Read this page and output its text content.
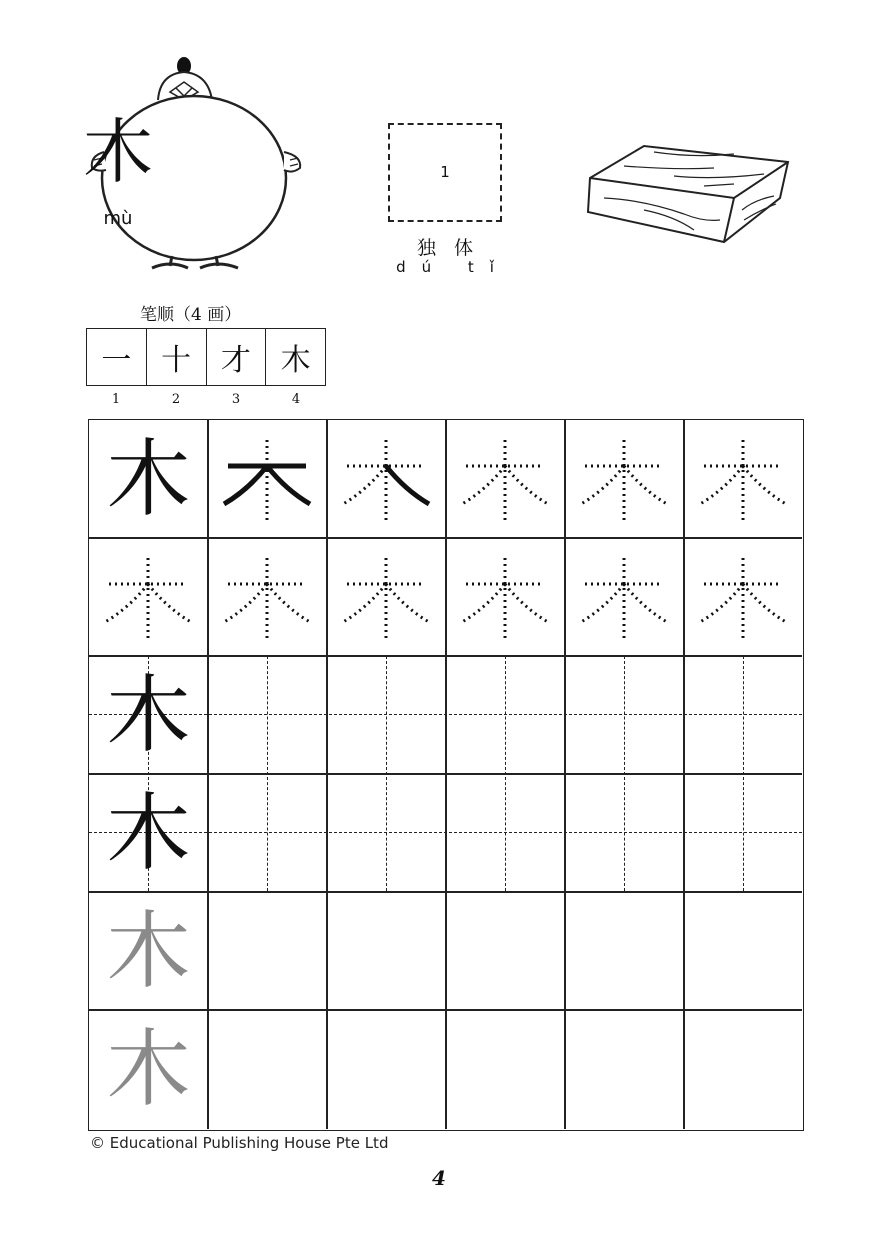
木
mù
1
独体
dú tǐ
笔顺（4 画）
一 十 才 木
1	2	3	4
木
木
木
木
木
© Educational Publishing House Pte Ltd
4
